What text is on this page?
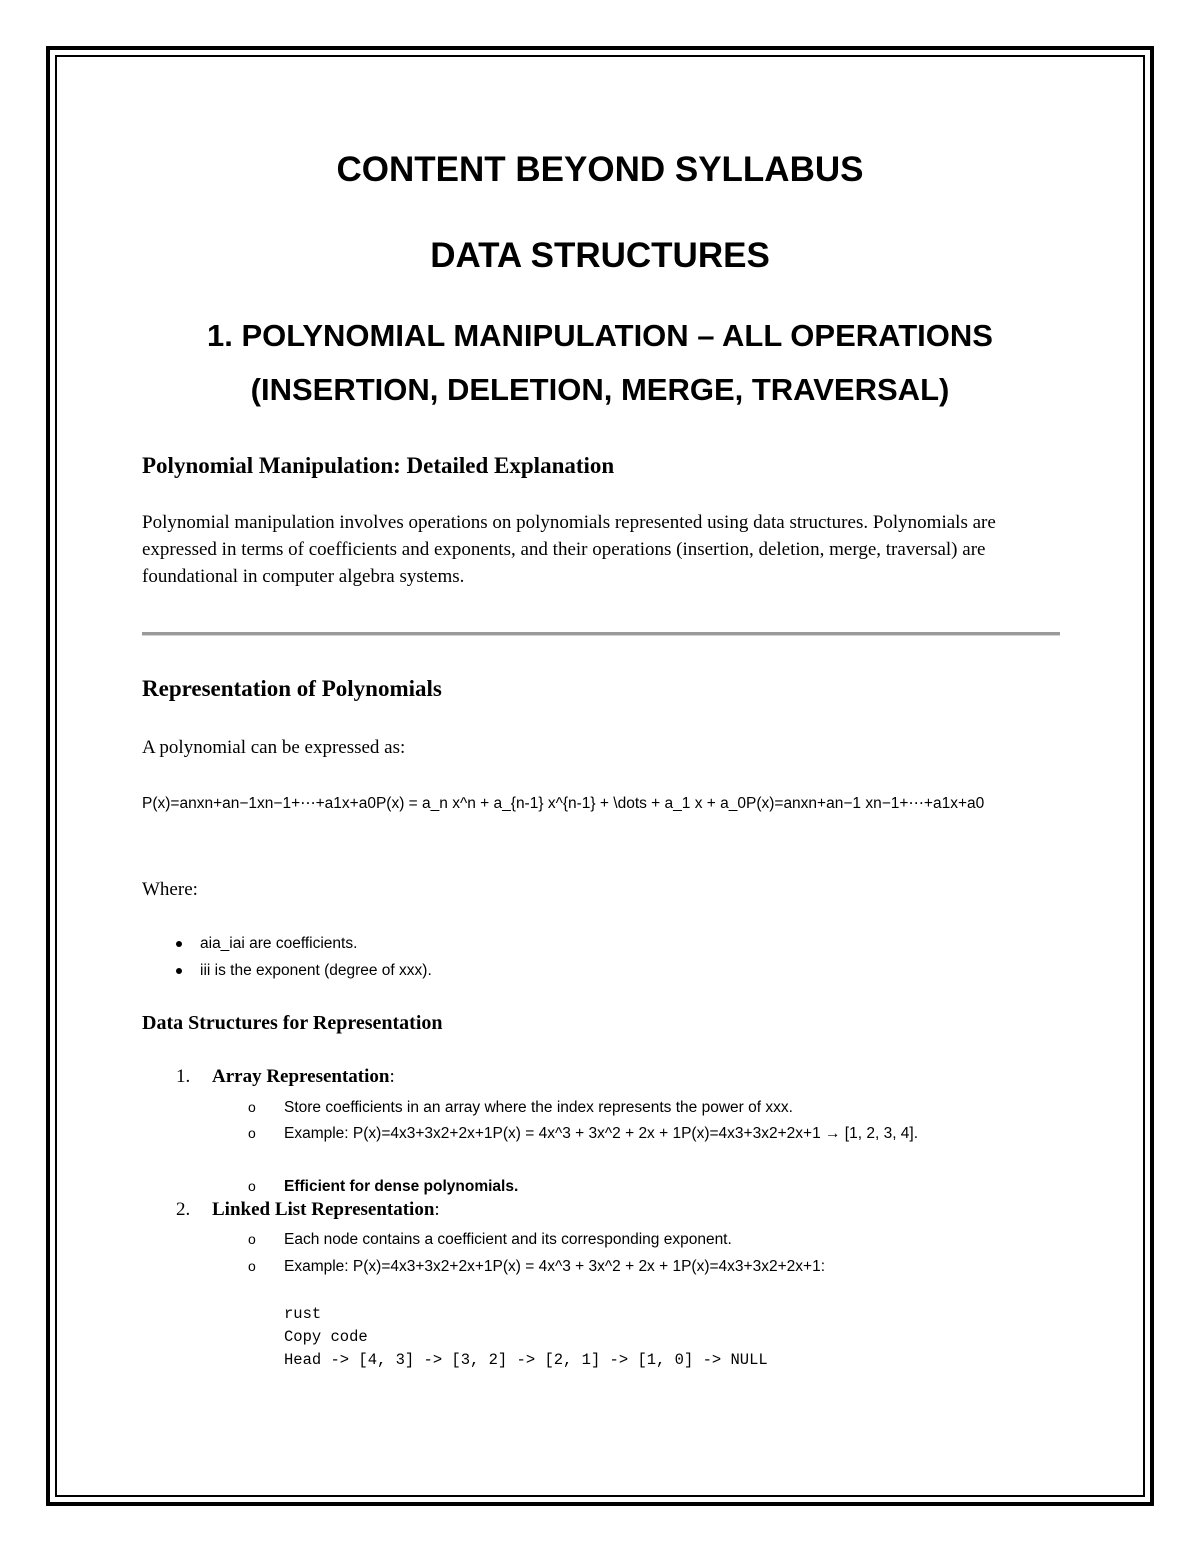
CONTENT BEYOND SYLLABUS
DATA STRUCTURES
1. POLYNOMIAL MANIPULATION – ALL OPERATIONS
(INSERTION, DELETION, MERGE, TRAVERSAL)
Polynomial Manipulation: Detailed Explanation

Polynomial manipulation involves operations on polynomials represented using data structures. Polynomials are expressed in terms of coefficients and exponents, and their operations (insertion, deletion, merge, traversal) are foundational in computer algebra systems.

Representation of Polynomials

A polynomial can be expressed as:

P(x)=anxn+an−1xn−1+⋯+a1x+a0P(x) = a_n x^n + a_{n-1} x^{n-1} + \dots + a_1 x + a_0P(x)=anxn+an−1 xn−1+⋯+a1x+a0

Where:

aia_iai are coefficients.
iii is the exponent (degree of xxx).
Data Structures for Representation

1. Array Representation:

o	Store coefficients in an array where the index represents the power of xxx.

o	Example: P(x)=4x3+3x2+2x+1P(x) = 4x^3 + 3x^2 + 2x + 1P(x)=4x3+3x2+2x+1 → [1, 2, 3, 4].

o	Efficient for dense polynomials.

2. Linked List Representation:

o	Each node contains a coefficient and its corresponding exponent.

o	Example: P(x)=4x3+3x2+2x+1P(x) = 4x^3 + 3x^2 + 2x + 1P(x)=4x3+3x2+2x+1:

rust
Copy code
Head -> [4, 3] -> [3, 2] -> [2, 1] -> [1, 0] -> NULL
